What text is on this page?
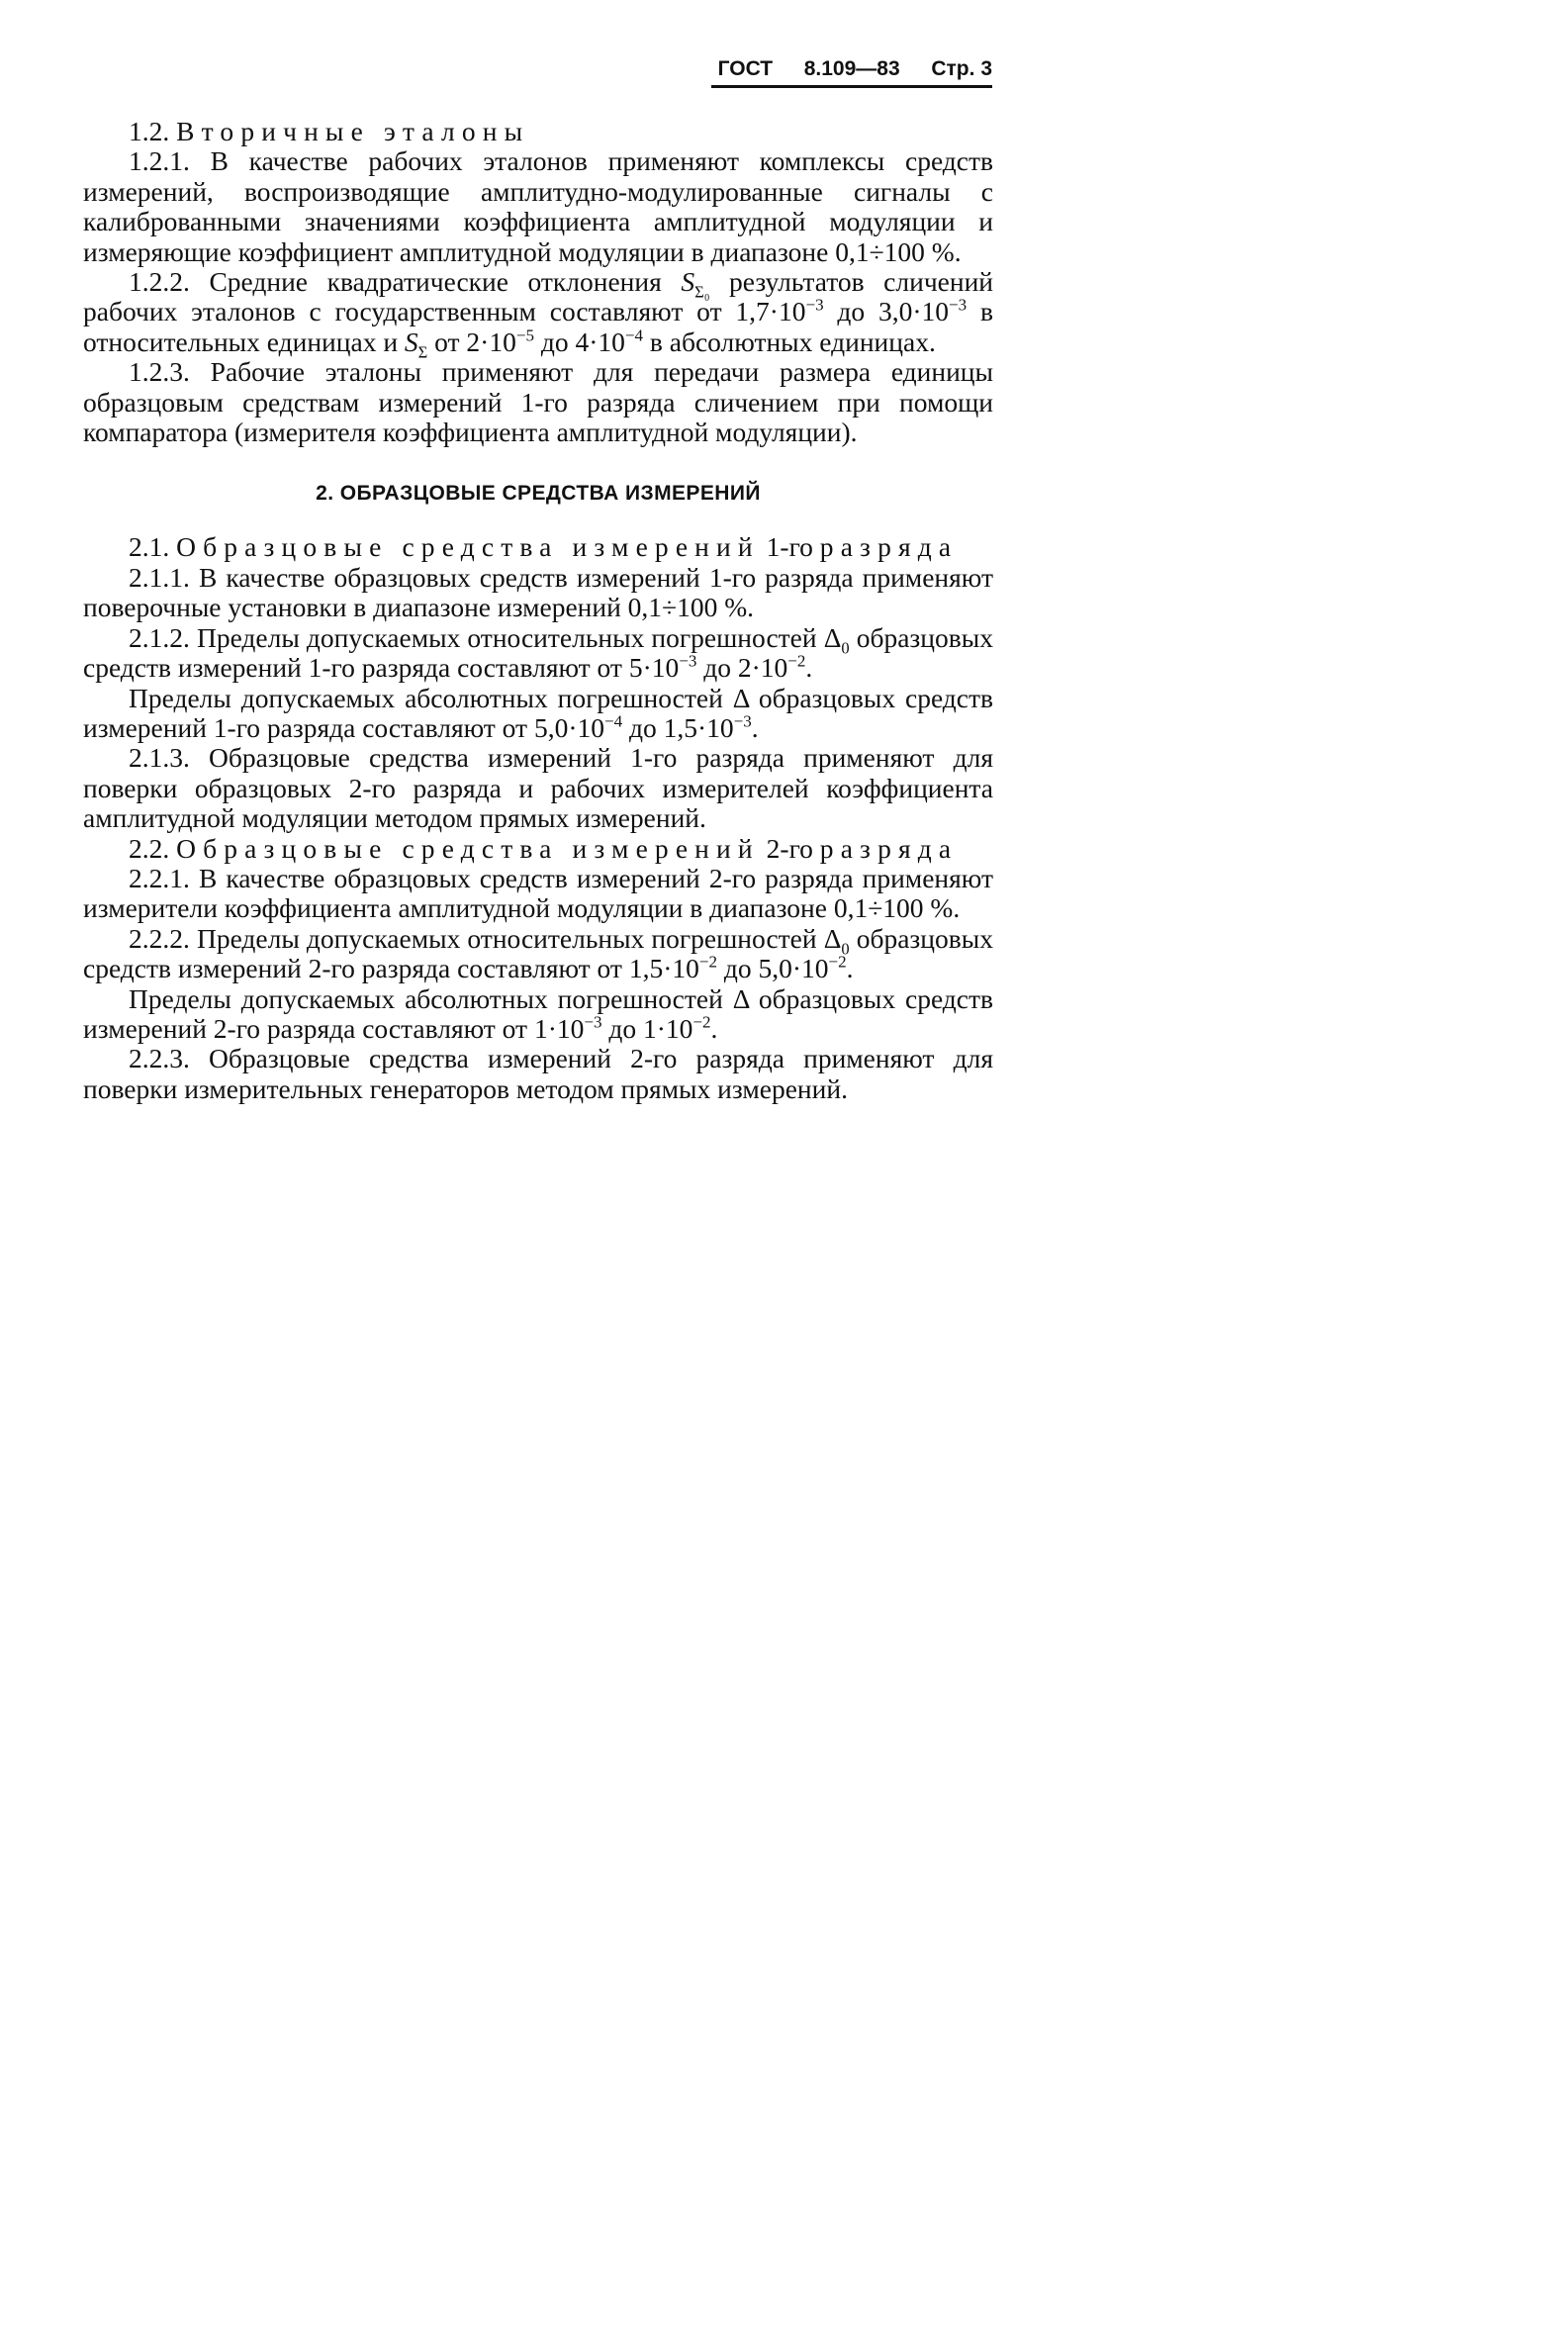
ГОСТ 8.109—83 Стр. 3

1.2. Вторичные эталоны

1.2.1. В качестве рабочих эталонов применяют комплексы средств измерений, воспроизводящие амплитудно-модулированные сигналы с калиброванными значениями коэффициента амплитудной модуляции и измеряющие коэффициент амплитудной модуляции в диапазоне 0,1÷100 %.

1.2.2. Средние квадратические отклонения $S_{\Sigma_0}$ результатов сличений рабочих эталонов с государственным составляют от $1,7\cdot 10^{-3}$ до $3,0\cdot 10^{-3}$ в относительных единицах и $S_\Sigma$ от $2\cdot 10^{-5}$ до $4\cdot 10^{-4}$ в абсолютных единицах.

1.2.3. Рабочие эталоны применяют для передачи размера единицы образцовым средствам измерений 1-го разряда сличением при помощи компаратора (измерителя коэффициента амплитудной модуляции).

2. ОБРАЗЦОВЫЕ СРЕДСТВА ИЗМЕРЕНИЙ

2.1. Образцовые средства измерений 1-го разряда

2.1.1. В качестве образцовых средств измерений 1-го разряда применяют поверочные установки в диапазоне измерений 0,1÷100 %.

2.1.2. Пределы допускаемых относительных погрешностей $\Delta_0$ образцовых средств измерений 1-го разряда составляют от $5\cdot 10^{-3}$ до $2\cdot 10^{-2}$.

Пределы допускаемых абсолютных погрешностей Δ образцовых средств измерений 1-го разряда составляют от $5,0\cdot 10^{-4}$ до $1,5\cdot 10^{-3}$.

2.1.3. Образцовые средства измерений 1-го разряда применяют для поверки образцовых 2-го разряда и рабочих измерителей коэффициента амплитудной модуляции методом прямых измерений.

2.2. Образцовые средства измерений 2-го разряда

2.2.1. В качестве образцовых средств измерений 2-го разряда применяют измерители коэффициента амплитудной модуляции в диапазоне 0,1÷100 %.

2.2.2. Пределы допускаемых относительных погрешностей $\Delta_0$ образцовых средств измерений 2-го разряда составляют от $1,5\cdot 10^{-2}$ до $5,0\cdot 10^{-2}$.

Пределы допускаемых абсолютных погрешностей Δ образцовых средств измерений 2-го разряда составляют от $1\cdot 10^{-3}$ до $1\cdot 10^{-2}$.

2.2.3. Образцовые средства измерений 2-го разряда применяют для поверки измерительных генераторов методом прямых измерений.
